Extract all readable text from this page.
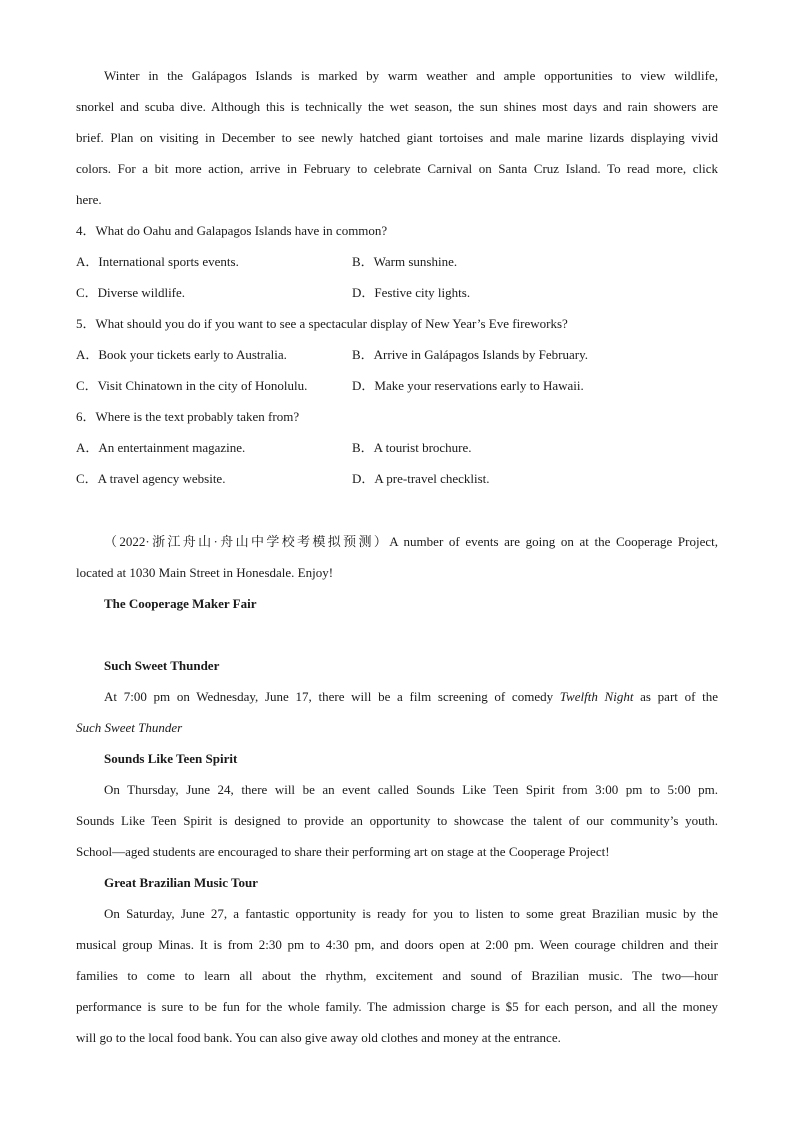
Winter in the Galápagos Islands is marked by warm weather and ample opportunities to view wildlife,
snorkel and scuba dive. Although this is technically the wet season, the sun shines most days and rain showers are
brief. Plan on visiting in December to see newly hatched giant tortoises and male marine lizards displaying vivid
colors. For a bit more action, arrive in February to celebrate Carnival on Santa Cruz Island. To read more, click
here.
4．What do Oahu and Galapagos Islands have in common?
A．International sports events.	B．Warm sunshine.
C．Diverse wildlife.	D．Festive city lights.
5．What should you do if you want to see a spectacular display of New Year’s Eve fireworks?
A．Book your tickets early to Australia.	B．Arrive in Galápagos Islands by February.
C．Visit Chinatown in the city of Honolulu.	D．Make your reservations early to Hawaii.
6．Where is the text probably taken from?
A．An entertainment magazine.	B．A tourist brochure.
C．A travel agency website.	D．A pre-travel checklist.
（2022·浙江舟山·舟山中学校考模拟预测）A number of events are going on at the Cooperage Project,
located at 1030 Main Street in Honesdale. Enjoy!
The Cooperage Maker Fair
Such Sweet Thunder
At 7:00 pm on Wednesday, June 17, there will be a film screening of comedy Twelfth Night as part of the
Such Sweet Thunder
Sounds Like Teen Spirit
On Thursday, June 24, there will be an event called Sounds Like Teen Spirit from 3:00 pm to 5:00 pm.
Sounds Like Teen Spirit is designed to provide an opportunity to showcase the talent of our community’s youth.
School—aged students are encouraged to share their performing art on stage at the Cooperage Project!
Great Brazilian Music Tour
On Saturday, June 27, a fantastic opportunity is ready for you to listen to some great Brazilian music by the
musical group Minas. It is from 2:30 pm to 4:30 pm, and doors open at 2:00 pm. Ween courage children and their
families to come to learn all about the rhythm, excitement and sound of Brazilian music. The two—hour
performance is sure to be fun for the whole family. The admission charge is $5 for each person, and all the money
will go to the local food bank. You can also give away old clothes and money at the entrance.
